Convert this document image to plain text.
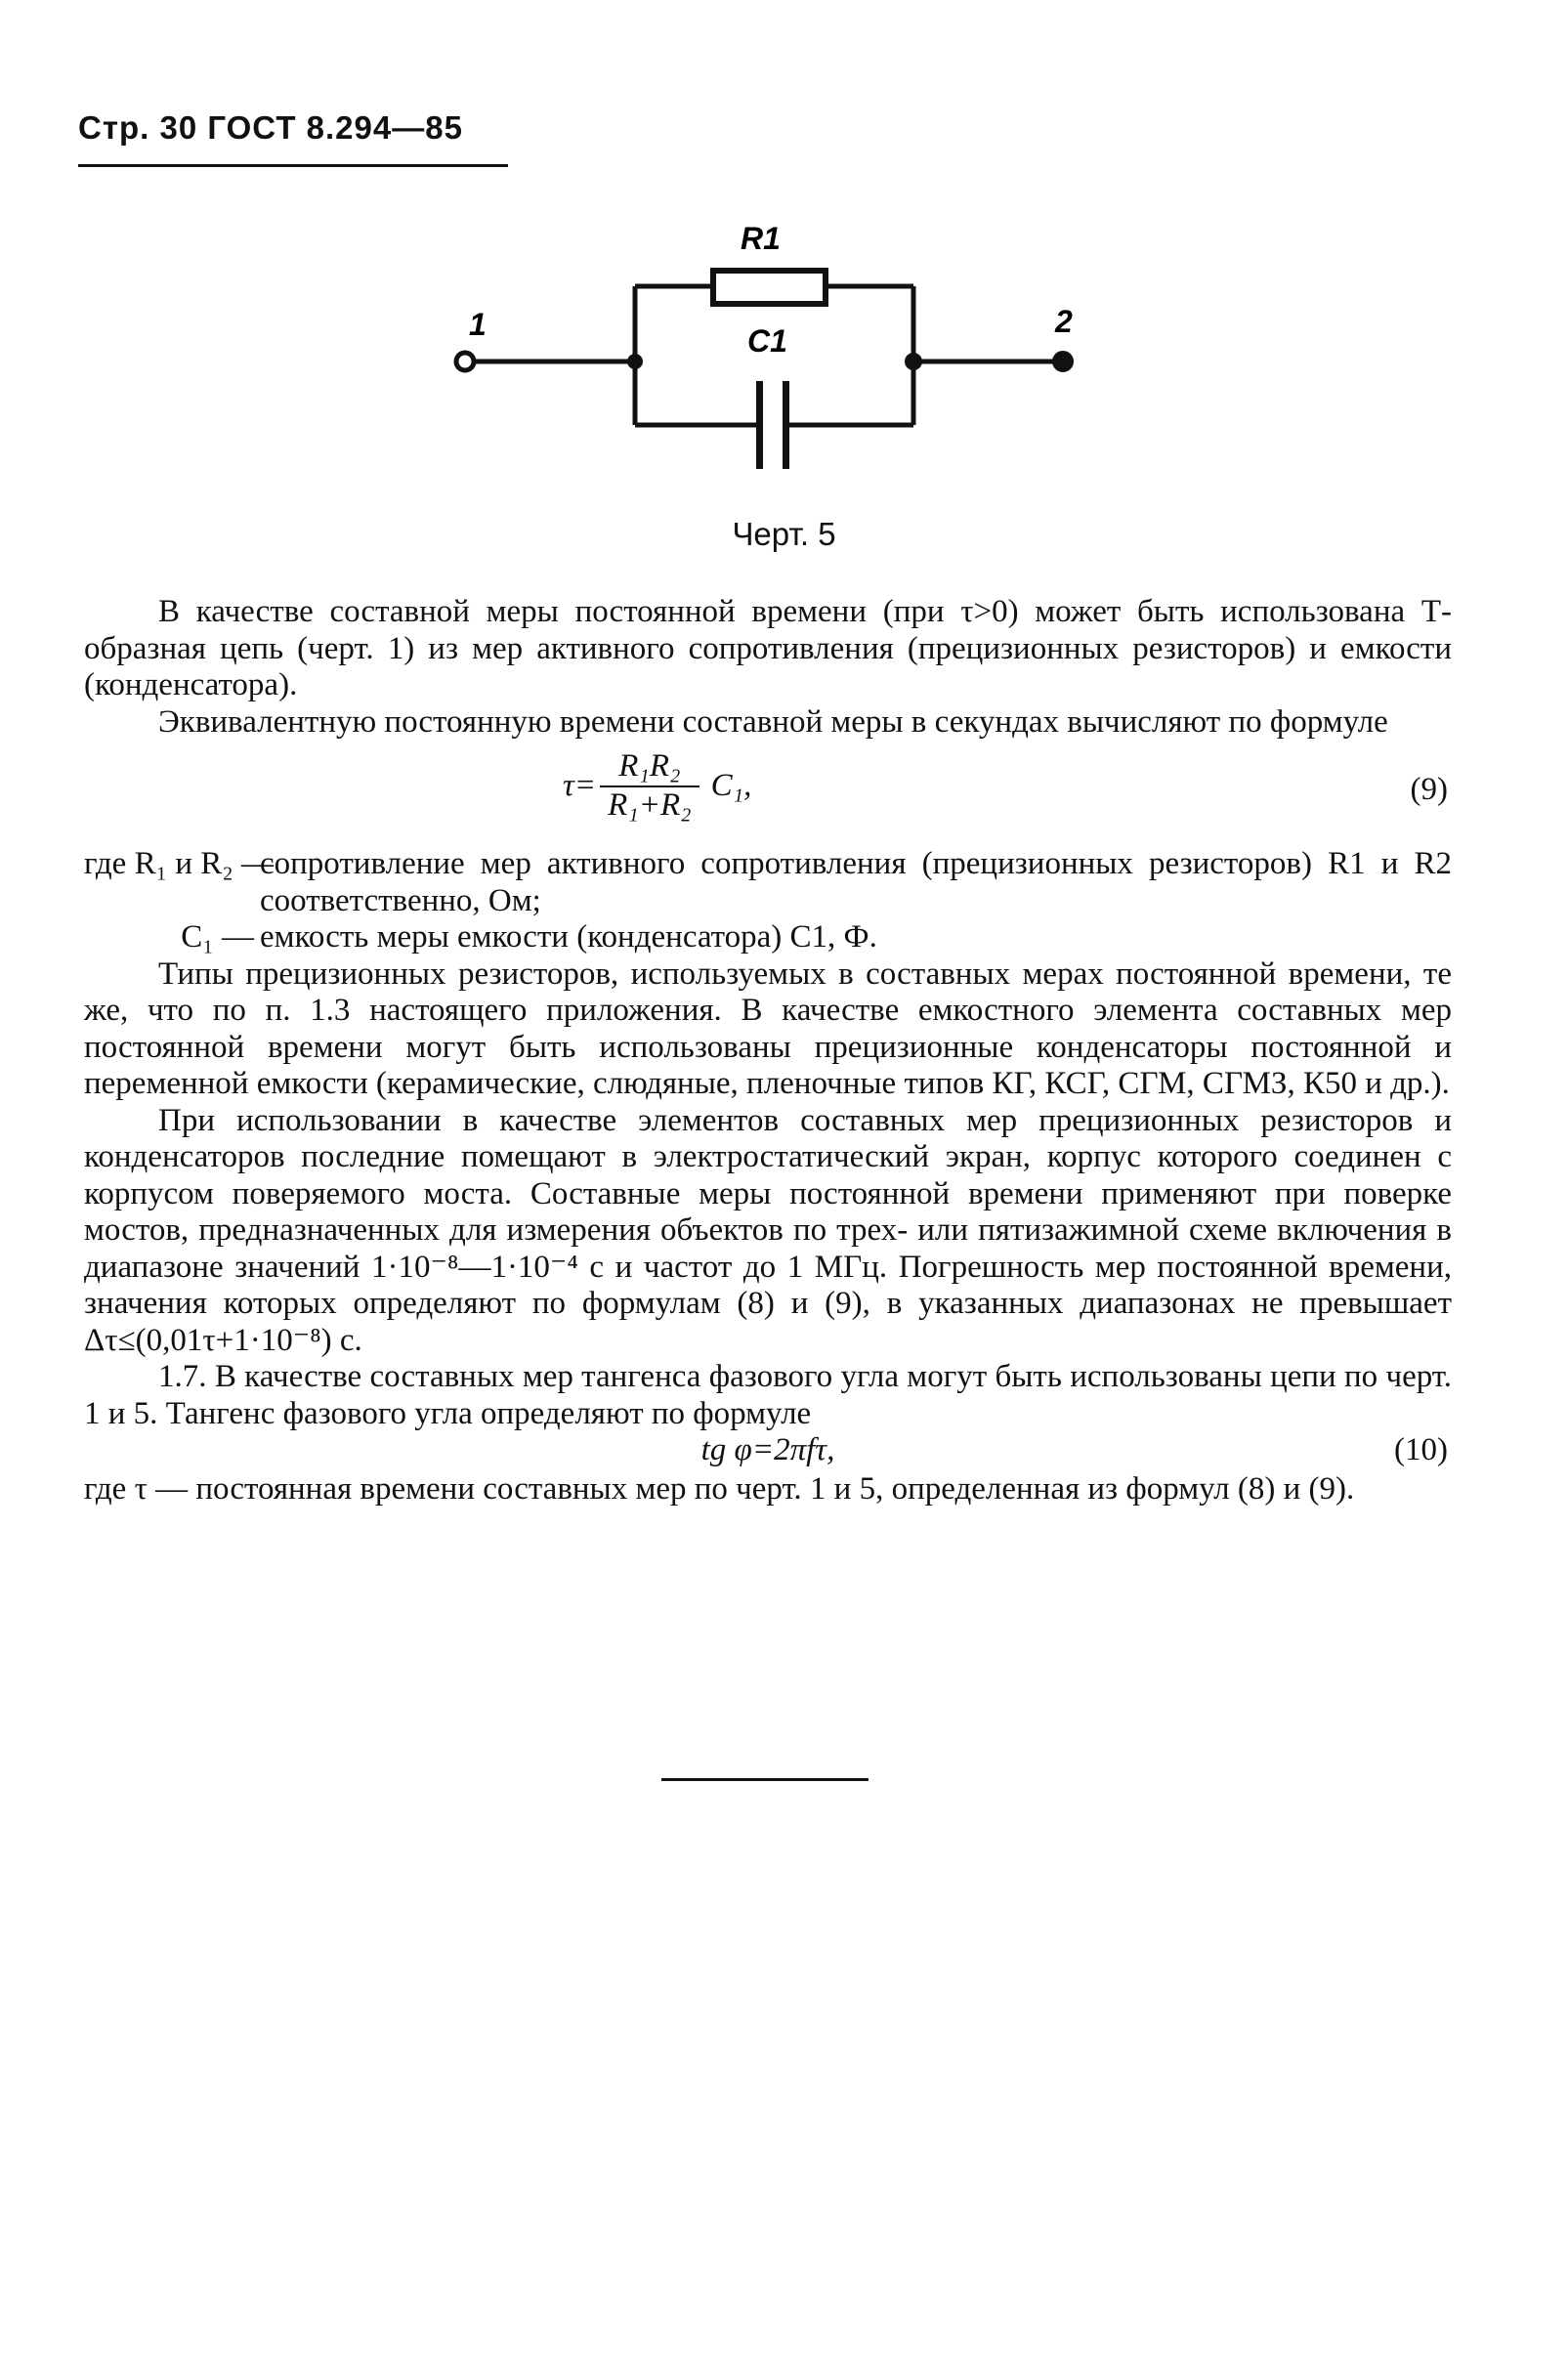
Стр. 30 ГОСТ 8.294—85
R1
C1
1	2
Черт. 5

В качестве составной меры постоянной времени (при τ>0) может быть использована Т-образная цепь (черт. 1) из мер активного сопротивления (прецизионных резисторов) и емкости (конденсатора).

Эквивалентную постоянную времени составной меры в секундах вычисляют по формуле

$\tau= \frac{\text{R₁R₂}}{\text{R₁+R₂}} C_1$,	(9)
где R₁ и R₂ —
сопротивление мер активного сопротивления (прецизионных резисторов) R1 и R2 соответственно, Ом;
C₁ — емкость меры емкости (конденсатора) C1, Ф.

Типы прецизионных резисторов, используемых в составных мерах постоянной времени, те же, что по п. 1.3 настоящего приложения. В качестве емкостного элемента составных мер постоянной времени могут быть использованы прецизионные конденсаторы постоянной и переменной емкости (керамические, слюдяные, пленочные типов КГ, КСГ, СГМ, СГМЗ, К50 и др.).

При использовании в качестве элементов составных мер прецизионных резисторов и конденсаторов последние помещают в электростатический экран, корпус которого соединен с корпусом поверяемого моста. Составные меры постоянной времени применяют при поверке мостов, предназначенных для измерения объектов по трех- или пятизажимной схеме включения в диапазоне значений 1·10⁻⁸—1·10⁻⁴ с и частот до 1 МГц. Погрешность мер постоянной времени, значения которых определяют по формулам (8) и (9), в указанных диапазонах не превышает Δτ≤(0,01τ+1·10⁻⁸) с.

1.7. В качестве составных мер тангенса фазового угла могут быть использованы цепи по черт. 1 и 5. Тангенс фазового угла определяют по формуле

tg φ=2πfτ,	(10)

где τ — постоянная времени составных мер по черт. 1 и 5, определенная из формул (8) и (9).
